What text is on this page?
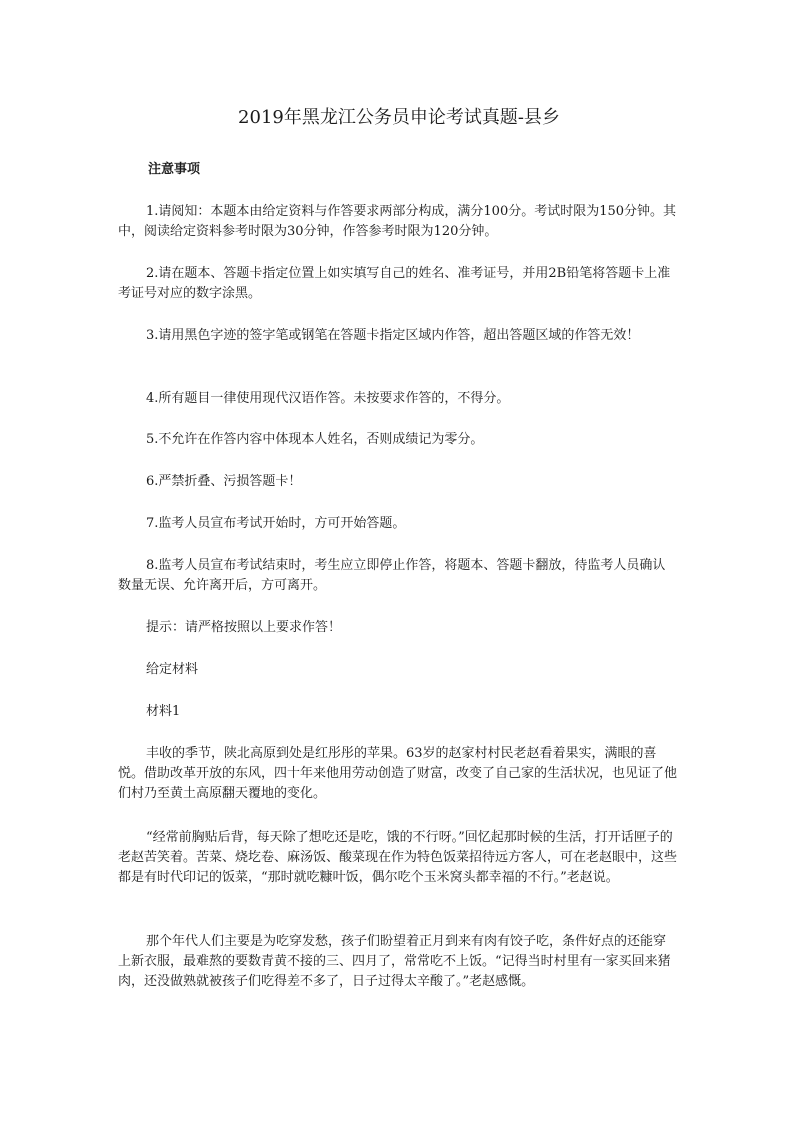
2019年黑龙江公务员申论考试真题-县乡
注意事项

1.请阅知：本题本由给定资料与作答要求两部分构成，满分100分。考试时限为150分钟。其中，阅读给定资料参考时限为30分钟，作答参考时限为120分钟。

2.请在题本、答题卡指定位置上如实填写自己的姓名、准考证号，并用2B铅笔将答题卡上准考证号对应的数字涂黑。

3.请用黑色字迹的签字笔或钢笔在答题卡指定区域内作答，超出答题区域的作答无效！

4.所有题目一律使用现代汉语作答。未按要求作答的，不得分。

5.不允许在作答内容中体现本人姓名，否则成绩记为零分。

6.严禁折叠、污损答题卡！

7.监考人员宣布考试开始时，方可开始答题。

8.监考人员宣布考试结束时，考生应立即停止作答，将题本、答题卡翻放，待监考人员确认数量无误、允许离开后，方可离开。

提示：请严格按照以上要求作答！

给定材料

材料1

丰收的季节，陕北高原到处是红彤彤的苹果。63岁的赵家村村民老赵看着果实，满眼的喜悦。借助改革开放的东风，四十年来他用劳动创造了财富，改变了自己家的生活状况，也见证了他们村乃至黄土高原翻天覆地的变化。

“经常前胸贴后背，每天除了想吃还是吃，饿的不行呀。”回忆起那时候的生活，打开话匣子的老赵苦笑着。苦菜、烧圪卷、麻汤饭、酸菜现在作为特色饭菜招待远方客人，可在老赵眼中，这些都是有时代印记的饭菜，“那时就吃糠叶饭，偶尔吃个玉米窝头都幸福的不行。”老赵说。

那个年代人们主要是为吃穿发愁，孩子们盼望着正月到来有肉有饺子吃，条件好点的还能穿上新衣服，最难熬的要数青黄不接的三、四月了，常常吃不上饭。“记得当时村里有一家买回来猪肉，还没做熟就被孩子们吃得差不多了，日子过得太辛酸了。”老赵感慨。
